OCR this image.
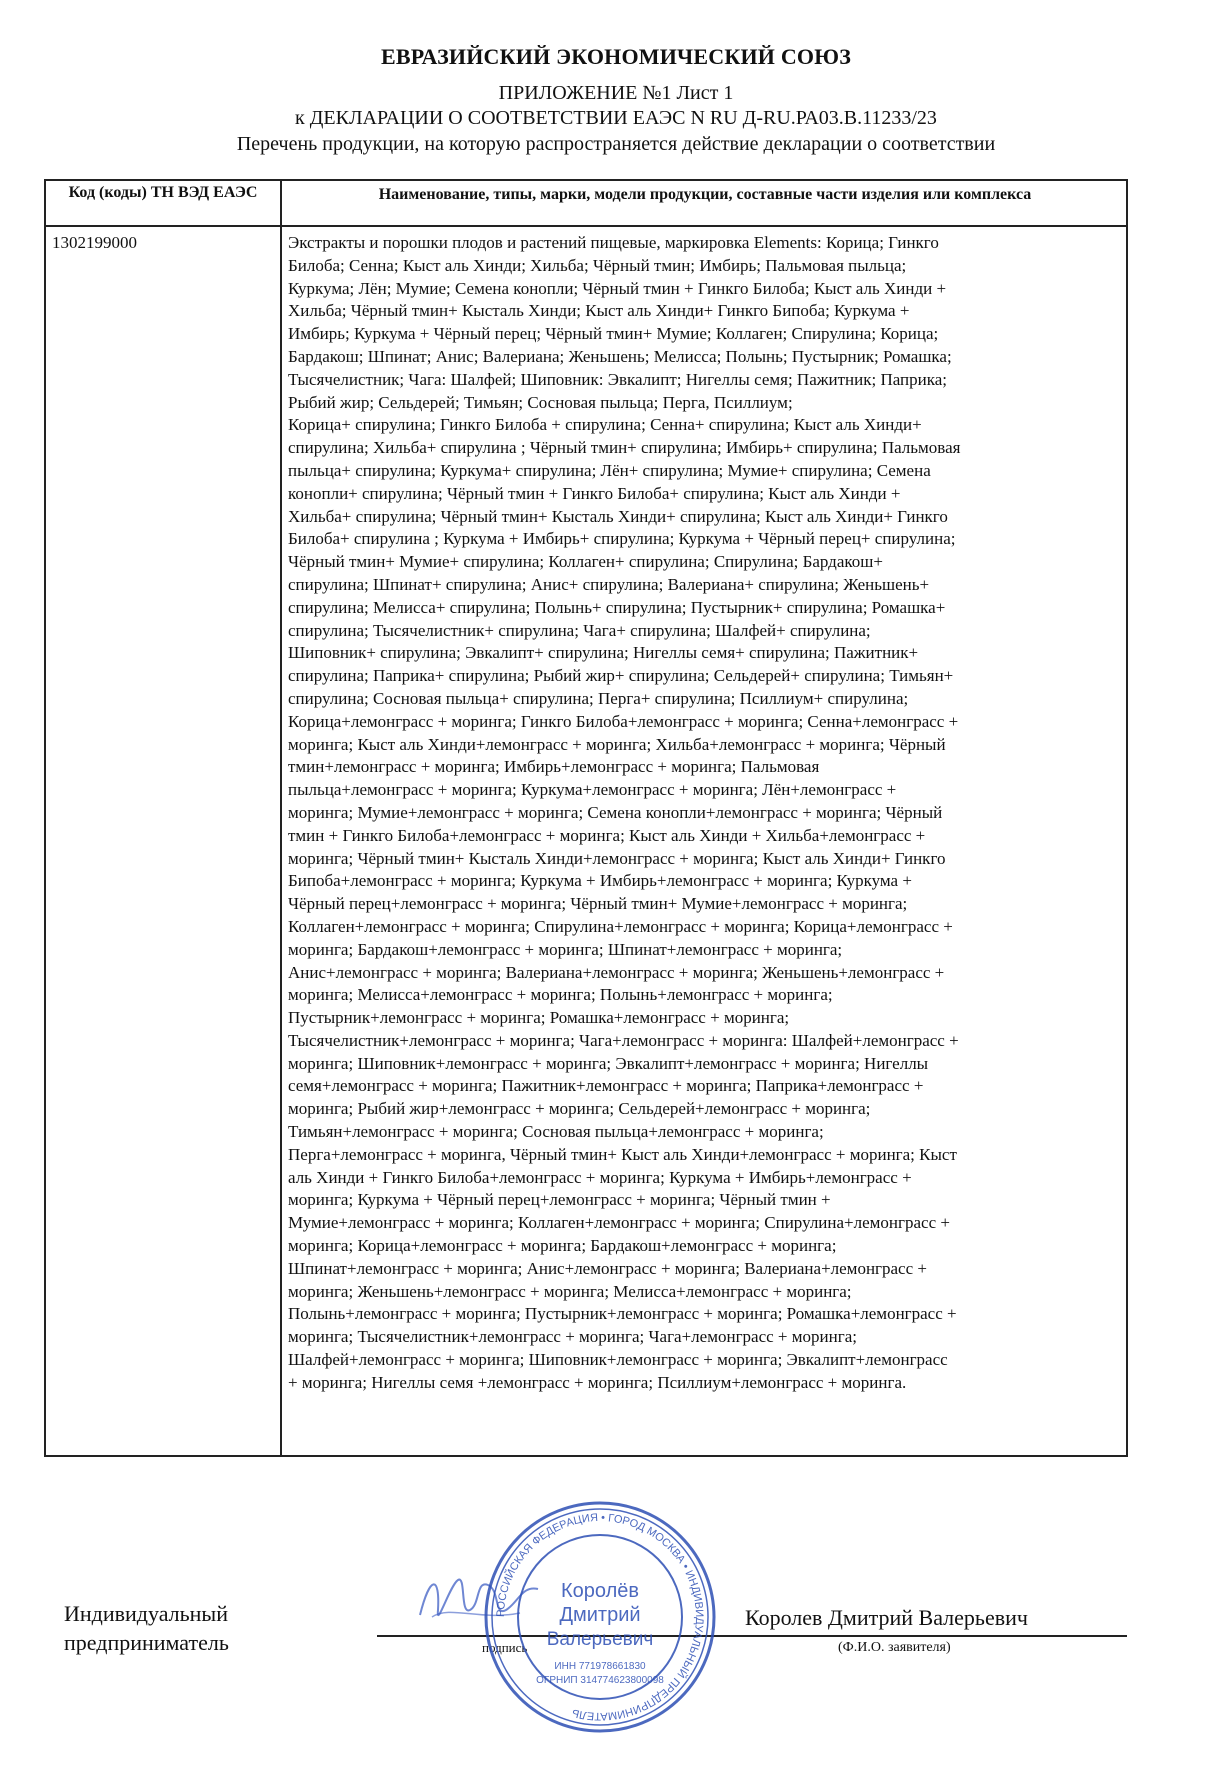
ЕВРАЗИЙСКИЙ ЭКОНОМИЧЕСКИЙ СОЮЗ
ПРИЛОЖЕНИЕ №1 Лист 1
к ДЕКЛАРАЦИИ О СООТВЕТСТВИИ ЕАЭС N RU Д-RU.РА03.В.11233/23
Перечень продукции, на которую распространяется действие декларации о соответствии
Код (коды) ТН ВЭД ЕАЭС	Наименование, типы, марки, модели продукции, составные части изделия или комплекса
1302199000	Экстракты и порошки плодов и растений пищевые, маркировка Elements: Корица; Гинкго
Билоба; Сенна; Кыст аль Хинди; Хильба; Чёрный тмин; Имбирь; Пальмовая пыльца;
Куркума; Лён; Мумие; Семена конопли; Чёрный тмин + Гинкго Билоба; Кыст аль Хинди +
Хильба; Чёрный тмин+ Кысталь Хинди; Кыст аль Хинди+ Гинкго Бипоба; Куркума +
Имбирь; Куркума + Чёрный перец; Чёрный тмин+ Мумие; Коллаген; Спирулина; Корица;
Бардакош; Шпинат; Анис; Валериана; Женьшень; Мелисса; Полынь; Пустырник; Ромашка;
Тысячелистник; Чага: Шалфей; Шиповник: Эвкалипт; Нигеллы семя; Пажитник; Паприка;
Рыбий жир; Сельдерей; Тимьян; Сосновая пыльца; Перга, Псиллиум;
Корица+ спирулина; Гинкго Билоба + спирулина; Сенна+ спирулина; Кыст аль Хинди+
спирулина; Хильба+ спирулина ; Чёрный тмин+ спирулина; Имбирь+ спирулина; Пальмовая
пыльца+ спирулина; Куркума+ спирулина; Лён+ спирулина; Мумие+ спирулина; Семена
конопли+ спирулина; Чёрный тмин + Гинкго Билоба+ спирулина; Кыст аль Хинди +
Хильба+ спирулина; Чёрный тмин+ Кысталь Хинди+ спирулина; Кыст аль Хинди+ Гинкго
Билоба+ спирулина ; Куркума + Имбирь+ спирулина; Куркума + Чёрный перец+ спирулина;
Чёрный тмин+ Мумие+ спирулина; Коллаген+ спирулина; Спирулина; Бардакош+
спирулина; Шпинат+ спирулина; Анис+ спирулина; Валериана+ спирулина; Женьшень+
спирулина; Мелисса+ спирулина; Полынь+ спирулина; Пустырник+ спирулина; Ромашка+
спирулина; Тысячелистник+ спирулина; Чага+ спирулина; Шалфей+ спирулина;
Шиповник+ спирулина; Эвкалипт+ спирулина; Нигеллы семя+ спирулина; Пажитник+
спирулина; Паприка+ спирулина; Рыбий жир+ спирулина; Сельдерей+ спирулина; Тимьян+
спирулина; Сосновая пыльца+ спирулина; Перга+ спирулина; Псиллиум+ спирулина;
Корица+лемонграсс + моринга; Гинкго Билоба+лемонграсс + моринга; Сенна+лемонграсс +
моринга; Кыст аль Хинди+лемонграсс + моринга; Хильба+лемонграсс + моринга; Чёрный
тмин+лемонграсс + моринга; Имбирь+лемонграсс + моринга; Пальмовая
пыльца+лемонграсс + моринга; Куркума+лемонграсс + моринга; Лён+лемонграсс +
моринга; Мумие+лемонграсс + моринга; Семена конопли+лемонграсс + моринга; Чёрный
тмин + Гинкго Билоба+лемонграсс + моринга; Кыст аль Хинди + Хильба+лемонграсс +
моринга; Чёрный тмин+ Кысталь Хинди+лемонграсс + моринга; Кыст аль Хинди+ Гинкго
Бипоба+лемонграсс + моринга; Куркума + Имбирь+лемонграсс + моринга; Куркума +
Чёрный перец+лемонграсс + моринга; Чёрный тмин+ Мумие+лемонграсс + моринга;
Коллаген+лемонграсс + моринга; Спирулина+лемонграсс + моринга; Корица+лемонграсс +
моринга; Бардакош+лемонграсс + моринга; Шпинат+лемонграсс + моринга;
Анис+лемонграсс + моринга; Валериана+лемонграсс + моринга; Женьшень+лемонграсс +
моринга; Мелисса+лемонграсс + моринга; Полынь+лемонграсс + моринга;
Пустырник+лемонграсс + моринга; Ромашка+лемонграсс + моринга;
Тысячелистник+лемонграсс + моринга; Чага+лемонграсс + моринга: Шалфей+лемонграсс +
моринга; Шиповник+лемонграсс + моринга; Эвкалипт+лемонграсс + моринга; Нигеллы
семя+лемонграсс + моринга; Пажитник+лемонграсс + моринга; Паприка+лемонграсс +
моринга; Рыбий жир+лемонграсс + моринга; Сельдерей+лемонграсс + моринга;
Тимьян+лемонграсс + моринга; Сосновая пыльца+лемонграсс + моринга;
Перга+лемонграсс + моринга, Чёрный тмин+ Кыст аль Хинди+лемонграсс + моринга; Кыст
аль Хинди + Гинкго Билоба+лемонграсс + моринга; Куркума + Имбирь+лемонграсс +
моринга; Куркума + Чёрный перец+лемонграсс + моринга; Чёрный тмин +
Мумие+лемонграсс + моринга; Коллаген+лемонграсс + моринга; Спирулина+лемонграсс +
моринга; Корица+лемонграсс + моринга; Бардакош+лемонграсс + моринга;
Шпинат+лемонграсс + моринга; Анис+лемонграсс + моринга; Валериана+лемонграсс +
моринга; Женьшень+лемонграсс + моринга; Мелисса+лемонграсс + моринга;
Полынь+лемонграсс + моринга; Пустырник+лемонграсс + моринга; Ромашка+лемонграсс +
моринга; Тысячелистник+лемонграсс + моринга; Чага+лемонграсс + моринга;
Шалфей+лемонграсс + моринга; Шиповник+лемонграсс + моринга; Эвкалипт+лемонграсс
+ моринга; Нигеллы семя +лемонграсс + моринга; Псиллиум+лемонграсс + моринга.
Индивидуальный
предприниматель	подпись
Королев Дмитрий Валерьевич
(Ф.И.О. заявителя)
РОССИЙСКАЯ ФЕДЕРАЦИЯ • ГОРОД МОСКВА • ИНДИВИДУАЛЬНЫЙ ПРЕДПРИНИМАТЕЛЬ
Королёв
Дмитрий
Валерьевич
ИНН 771978661830
ОГРНИП 314774623800098
